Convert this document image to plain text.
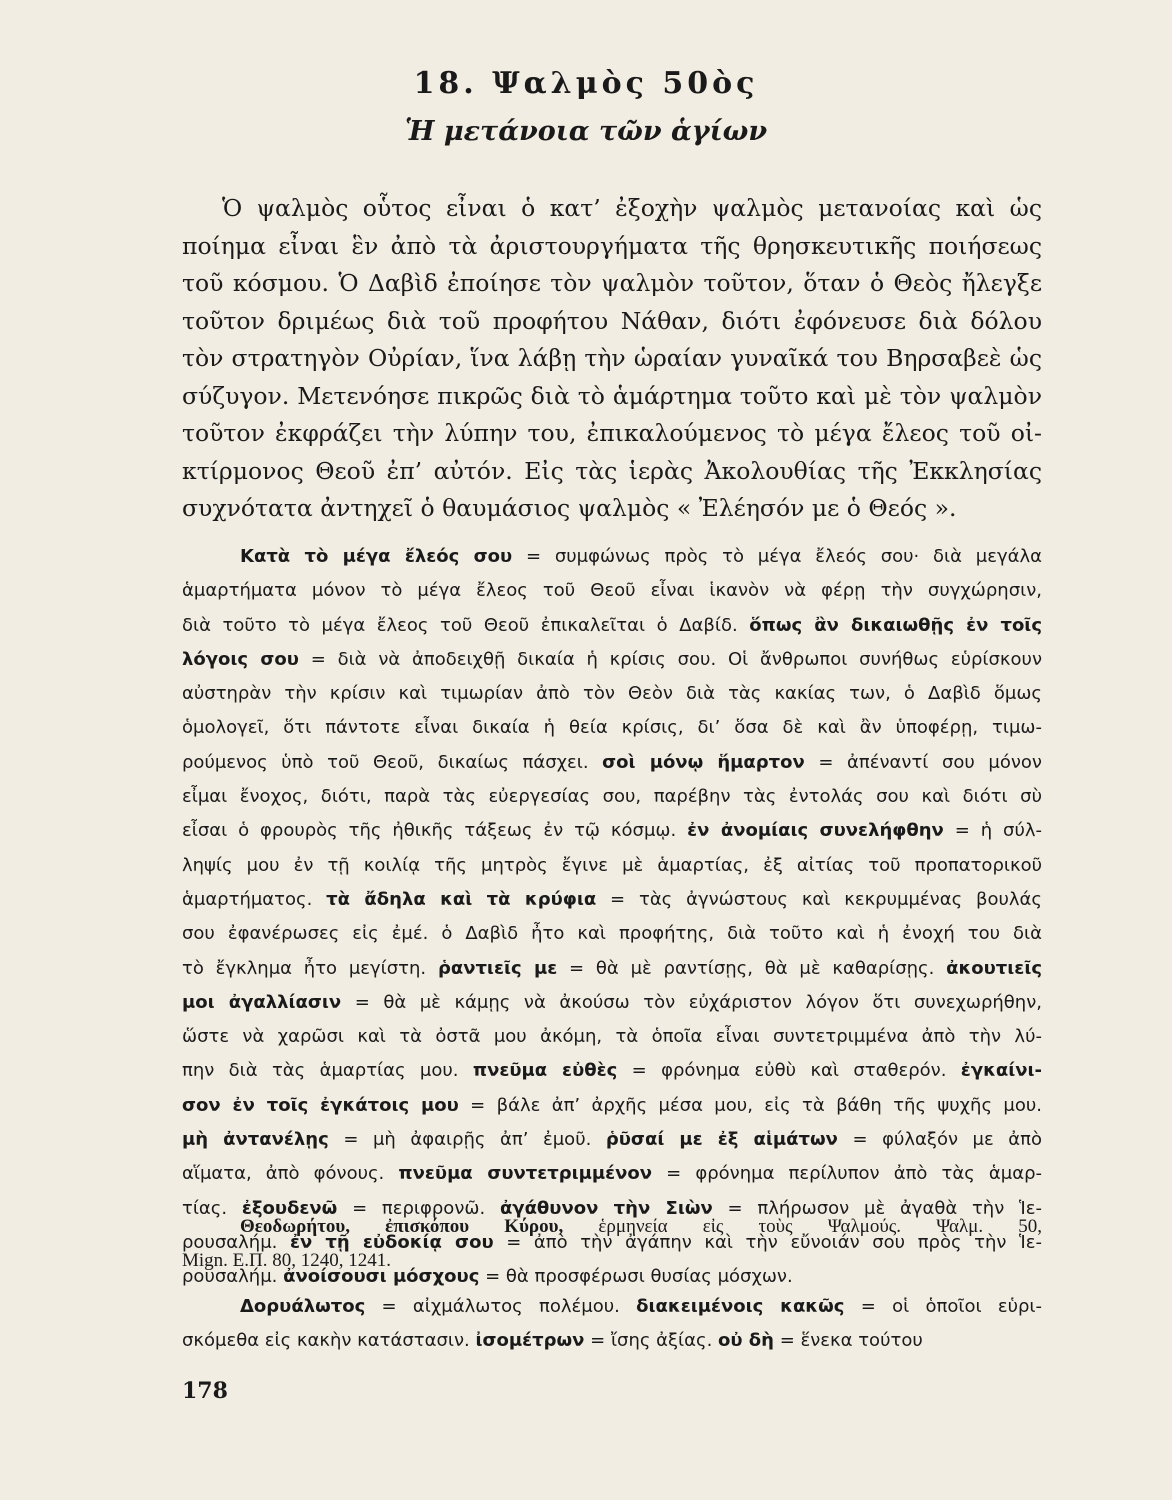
18. Ψαλμὸς 50ὸς
Ἡ μετάνοια τῶν ἁγίων
Ὁ ψαλμὸς οὗτος εἶναι ὁ κατ’ ἐξοχὴν ψαλμὸς μετανοίας καὶ ὡς
ποίημα εἶναι ἓν ἀπὸ τὰ ἀριστουργήματα τῆς θρησκευτικῆς ποιήσεως
τοῦ κόσμου. Ὁ Δαβὶδ ἐποίησε τὸν ψαλμὸν τοῦτον, ὅταν ὁ Θεὸς ἤλεγξε
τοῦτον δριμέως διὰ τοῦ προφήτου Νάθαν, διότι ἐφόνευσε διὰ δόλου
τὸν στρατηγὸν Οὐρίαν, ἵνα λάβῃ τὴν ὡραίαν γυναῖκά του Βηρσαβεὲ ὡς
σύζυγον. Μετενόησε πικρῶς διὰ τὸ ἁμάρτημα τοῦτο καὶ μὲ τὸν ψαλμὸν
τοῦτον ἐκφράζει τὴν λύπην του, ἐπικαλούμενος τὸ μέγα ἔλεος τοῦ οἰ-
κτίρμονος Θεοῦ ἐπ’ αὐτόν. Εἰς τὰς ἱερὰς Ἀκολουθίας τῆς Ἐκκλησίας
συχνότατα ἀντηχεῖ ὁ θαυμάσιος ψαλμὸς « Ἐλέησόν με ὁ Θεός ».
Κατὰ τὸ μέγα ἔλεός σου = συμφώνως πρὸς τὸ μέγα ἔλεός σου· διὰ μεγάλα
ἁμαρτήματα μόνον τὸ μέγα ἔλεος τοῦ Θεοῦ εἶναι ἱκανὸν νὰ φέρῃ τὴν συγχώρησιν,
διὰ τοῦτο τὸ μέγα ἔλεος τοῦ Θεοῦ ἐπικαλεῖται ὁ Δαβίδ. ὅπως ἂν δικαιωθῇς ἐν τοῖς
λόγοις σου = διὰ νὰ ἀποδειχθῇ δικαία ἡ κρίσις σου. Οἱ ἄνθρωποι συνήθως εὑρίσκουν
αὐστηρὰν τὴν κρίσιν καὶ τιμωρίαν ἀπὸ τὸν Θεὸν διὰ τὰς κακίας των, ὁ Δαβὶδ ὅμως
ὁμολογεῖ, ὅτι πάντοτε εἶναι δικαία ἡ θεία κρίσις, δι’ ὅσα δὲ καὶ ἂν ὑποφέρῃ, τιμω-
ρούμενος ὑπὸ τοῦ Θεοῦ, δικαίως πάσχει. σοὶ μόνῳ ἥμαρτον = ἀπέναντί σου μόνον
εἶμαι ἔνοχος, διότι, παρὰ τὰς εὐεργεσίας σου, παρέβην τὰς ἐντολάς σου καὶ διότι σὺ
εἶσαι ὁ φρουρὸς τῆς ἠθικῆς τάξεως ἐν τῷ κόσμῳ. ἐν ἀνομίαις συνελήφθην = ἡ σύλ-
ληψίς μου ἐν τῇ κοιλίᾳ τῆς μητρὸς ἔγινε μὲ ἁμαρτίας, ἐξ αἰτίας τοῦ προπατορικοῦ
ἁμαρτήματος. τὰ ἄδηλα καὶ τὰ κρύφια = τὰς ἀγνώστους καὶ κεκρυμμένας βουλάς
σου ἐφανέρωσες εἰς ἐμέ. ὁ Δαβὶδ ἦτο καὶ προφήτης, διὰ τοῦτο καὶ ἡ ἐνοχή του διὰ
τὸ ἔγκλημα ἦτο μεγίστη. ῥαντιεῖς με = θὰ μὲ ραντίσῃς, θὰ μὲ καθαρίσῃς. ἀκουτιεῖς
μοι ἀγαλλίασιν = θὰ μὲ κάμῃς νὰ ἀκούσω τὸν εὐχάριστον λόγον ὅτι συνεχωρήθην,
ὥστε νὰ χαρῶσι καὶ τὰ ὀστᾶ μου ἀκόμη, τὰ ὁποῖα εἶναι συντετριμμένα ἀπὸ τὴν λύ-
πην διὰ τὰς ἁμαρτίας μου. πνεῦμα εὐθὲς = φρόνημα εὐθὺ καὶ σταθερόν. ἐγκαίνι-
σον ἐν τοῖς ἐγκάτοις μου = βάλε ἀπ’ ἀρχῆς μέσα μου, εἰς τὰ βάθη τῆς ψυχῆς μου.
μὴ ἀντανέλῃς = μὴ ἀφαιρῇς ἀπ’ ἐμοῦ. ῥῦσαί με ἐξ αἱμάτων = φύλαξόν με ἀπὸ
αἵματα, ἀπὸ φόνους. πνεῦμα συντετριμμένον = φρόνημα περίλυπον ἀπὸ τὰς ἁμαρ-
τίας. ἐξουδενῶ = περιφρονῶ. ἀγάθυνον τὴν Σιὼν = πλήρωσον μὲ ἀγαθὰ τὴν Ἱε-
ρουσαλήμ. ἐν τῇ εὐδοκίᾳ σου = ἀπὸ τὴν ἀγάπην καὶ τὴν εὔνοιάν σου πρὸς τὴν Ἱε-
ρουσαλήμ. ἀνοίσουσι μόσχους = θὰ προσφέρωσι θυσίας μόσχων.
Θεοδωρήτου, ἐπισκόπου Κύρου, ἑρμηνεία εἰς τοὺς Ψαλμούς. Ψαλμ. 50,
Mign. Ε.Π. 80, 1240, 1241.
Δορυάλωτος = αἰχμάλωτος πολέμου. διακειμένοις κακῶς = οἱ ὁποῖοι εὑρι-
σκόμεθα εἰς κακὴν κατάστασιν. ἰσομέτρων = ἴσης ἀξίας. οὐ δὴ = ἕνεκα τούτου

178
